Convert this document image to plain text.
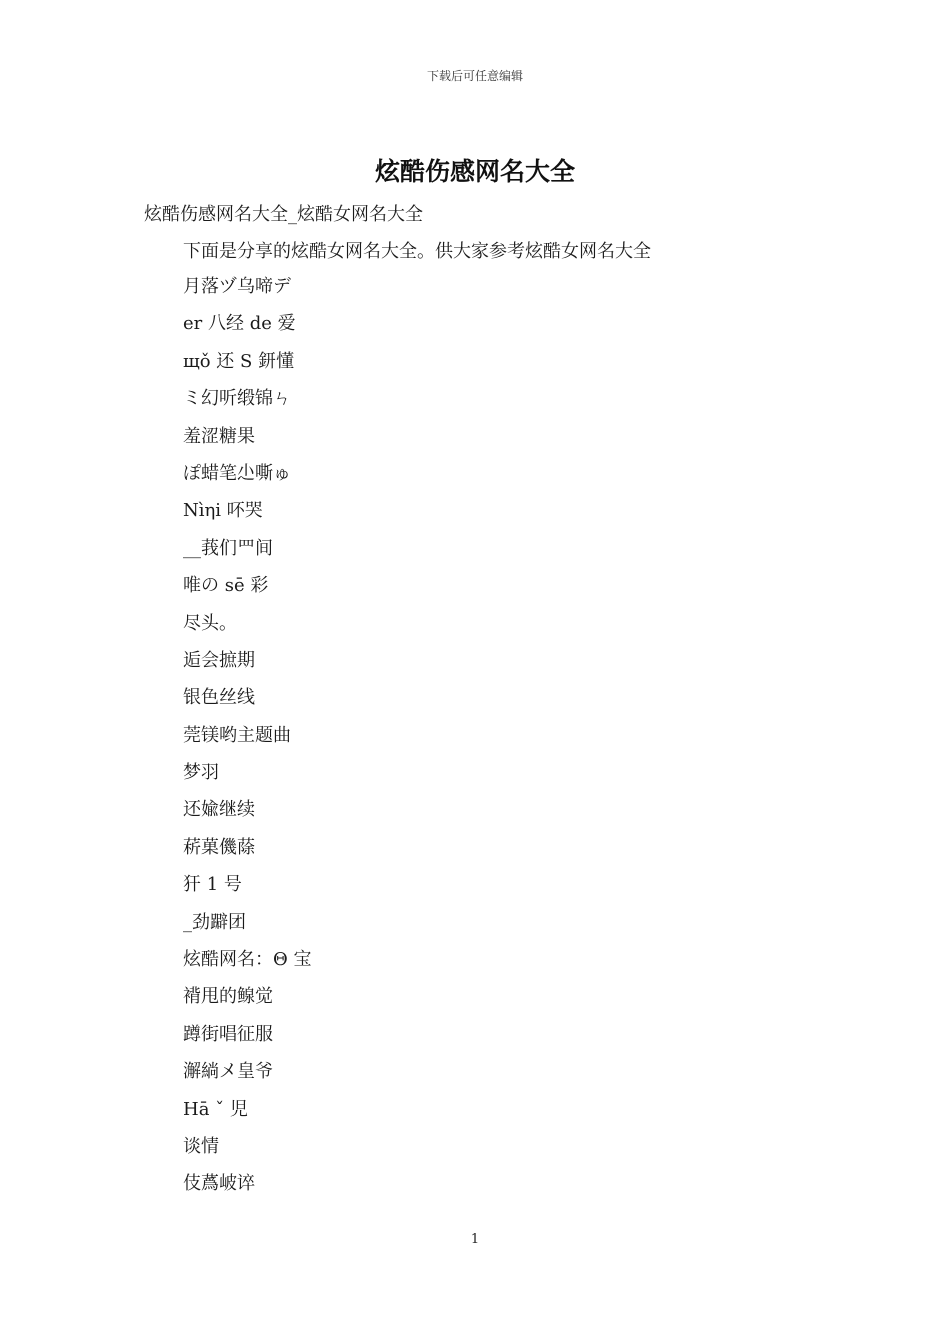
下载后可任意编辑
炫酷伤感网名大全
炫酷伤感网名大全_炫酷女网名大全
下面是分享的炫酷女网名大全。供大家参考炫酷女网名大全
月落ヅ乌啼デ
er 八经 de 爱
щǒ 还 S 鈃懂
ミ幻听缎锦ㄣ
羞涩糖果
ぽ蜡笔尐嘶ゅ
Nìηi 吥哭
__莪们罒间
唯の sē 彩
尽头。
逅会摭期
银色丝线
莞镁哟主题曲
梦羽
还婾继续
菥菓僟蒢
犴 1 号
_劲躃团
炫酷网名：Θ 宝
褙甩的鳈觉
蹲街唱征服
澥緔メ皇爷
Hā ˇ 児
谈情
伎蔿岥谇
1
